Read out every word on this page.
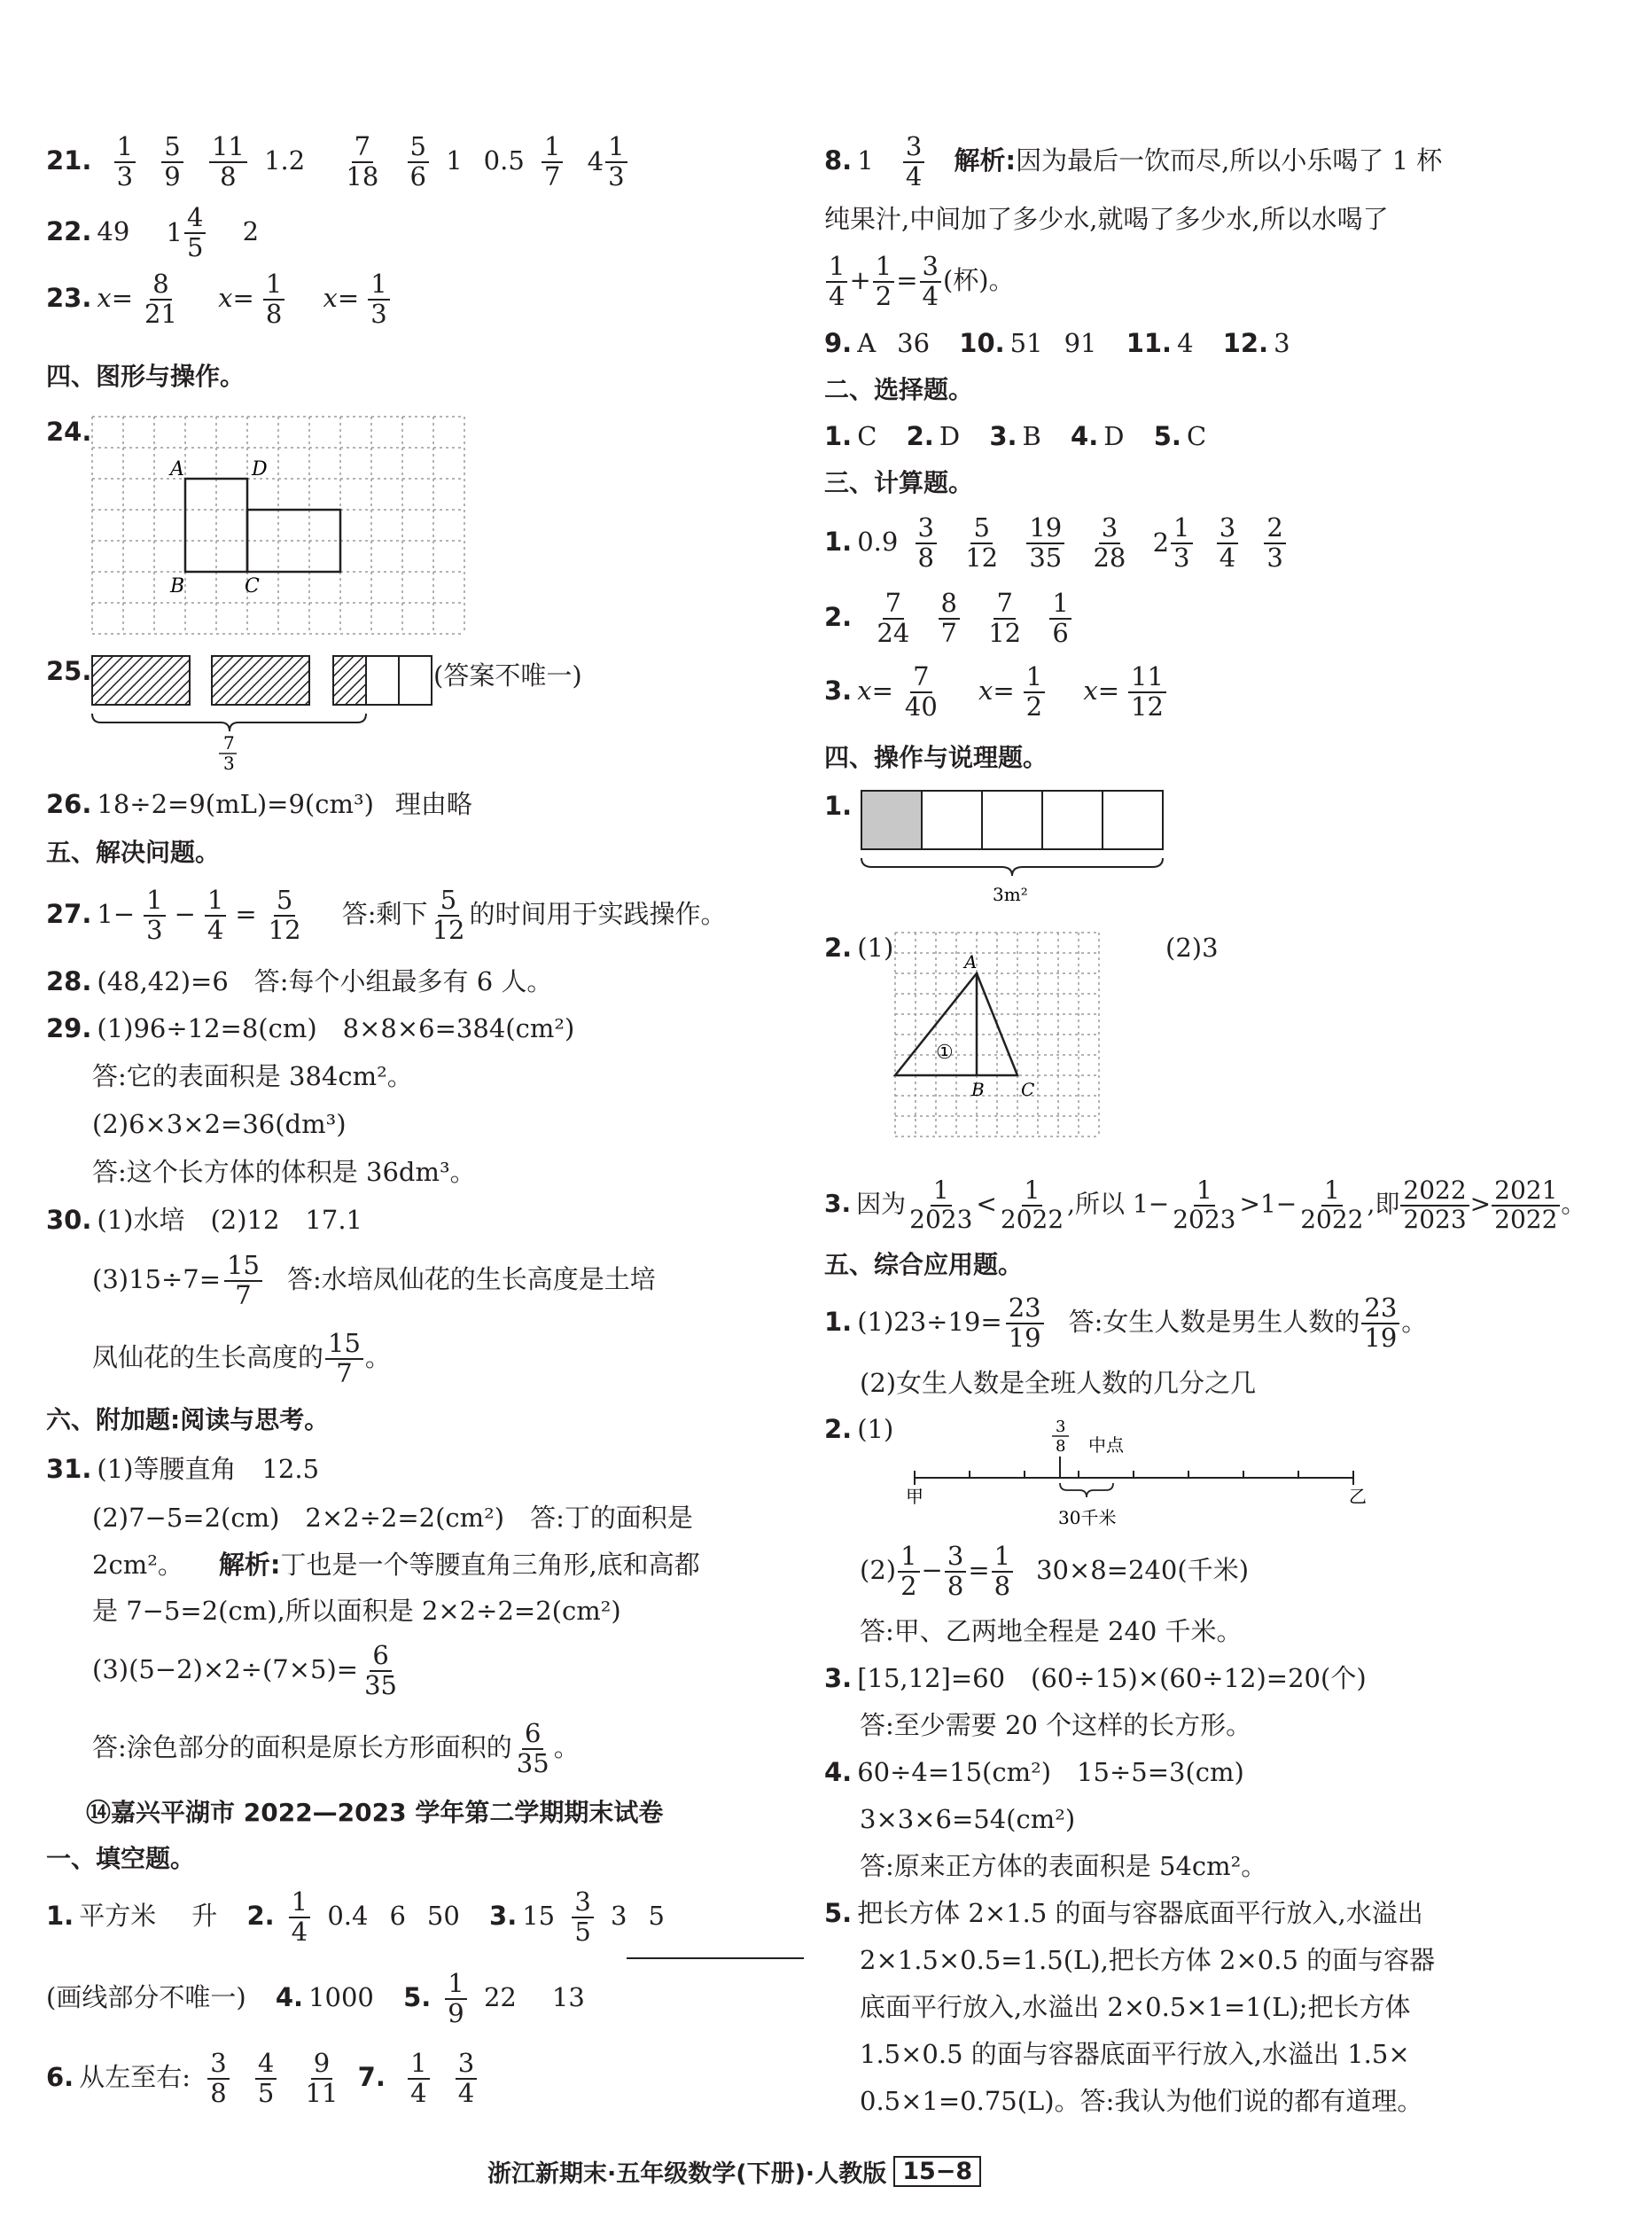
21. $\frac{1}{3}$
$\frac{5}{9}$
$\frac{11}{8} 1.2 \frac{7}{18}$
$\frac{5}{6} 1$ $0.5 \frac{1}{7}$
4
1
3
22. 49 1
4
5
2
23. $x= \frac{8}{21} x= \frac{1}{8} x= \frac{1}{3}$
四、图形与操作。
24.
A	D
B	C
25.
7
3
(答案不唯一)
26. 18÷2=9(mL)=9(cm³) 理由略
五、解决问题。
27. $1- \frac{1}{3} - \frac{1}{4} = \frac{5}{12}$ 答:剩下 $\frac{5}{12}$ 的时间用于实践操作。
28. (48,42)=6　答:每个小组最多有 6 人。
29. (1)96÷12=8(cm)　8×8×6=384(cm²)
答:它的表面积是 384cm²。
(2)6×3×2=36(dm³)
答:这个长方体的体积是 36dm³。
30. (1)水培　(2)12　17.1
$(3)15\div 7= \frac{15}{7}$ 答:水培凤仙花的生长高度是土培
凤仙花的生长高度的 $\frac{15}{7}$ 。
六、附加题:阅读与思考。
31. (1)等腰直角　12.5
(2)7−5=2(cm)　2×2÷2=2(cm²)　答:丁的面积是
2cm²。 解析:丁也是一个等腰直角三角形,底和高都
是 7−5=2(cm),所以面积是 2×2÷2=2(cm²)
$(3)(5-2)\times 2\div(7\times 5)= \frac{6}{35}$
答:涂色部分的面积是原长方形面积的 $\frac{6}{35}$ 。
⑭嘉兴平湖市 2022—2023 学年第二学期期末试卷
一、填空题。
1. 平方米 升 2. $\frac{1}{4} 0.4$ 6 50 3. $15 \frac{3}{5} 3$ 5
(画线部分不唯一) 4. 1000 5. $\frac{1}{9} 22$ 13
6. 从左至右: $\frac{3}{8}$
$\frac{4}{5}$
$\frac{9}{11} 7$. $\frac{1}{4}$
$\frac{3}{4}$
8. $1 \frac{3}{4}$ 解析:因为最后一饮而尽,所以小乐喝了 1 杯
纯果汁,中间加了多少水,就喝了多少水,所以水喝了
$\frac{1}{4} + \frac{1}{2} = \frac{3}{4}$ (杯)。
9. A 36 10. 51 91 11. 4 12. 3
二、选择题。
1. C 2. D 3. B 4. D 5. C
三、计算题。
1. $0.9 \frac{3}{8}$
$\frac{5}{12}$
$\frac{19}{35}$
$\frac{3}{28}$
2
1
3
$\frac{3}{4}$
$\frac{2}{3}$
2. $\frac{7}{24}$
$\frac{8}{7}$
$\frac{7}{12}$
$\frac{1}{6}$
3. $x= \frac{7}{40} x= \frac{1}{2} x= \frac{11}{12}$
四、操作与说理题。
1.
3m²
2. (1)	A
B C
①
(2)3
3. 因为 $\frac{1}{2023} < \frac{1}{2022}$ ,所以 $1- \frac{1}{2023} >1- \frac{1}{2022}$ ,即 $\frac{2022}{2023} > \frac{2021}{2022}$ 。
五、综合应用题。
1. $(1)23\div 19= \frac{23}{19}$ 答:女生人数是男生人数的 $\frac{23}{19}$ 。
(2)女生人数是全班人数的几分之几
2. (1)	3
8 中点
甲	乙
30千米
$(2) \frac{1}{2} - \frac{3}{8} = \frac{1}{8} 30\times 8=240$(千米)
答:甲、乙两地全程是 240 千米。
3. [15,12]=60　(60÷15)×(60÷12)=20(个)
答:至少需要 20 个这样的长方形。
4. 60÷4=15(cm²)　15÷5=3(cm)
3×3×6=54(cm²)
答:原来正方体的表面积是 54cm²。
5. 把长方体 2×1.5 的面与容器底面平行放入,水溢出
2×1.5×0.5=1.5(L),把长方体 2×0.5 的面与容器
底面平行放入,水溢出 2×0.5×1=1(L);把长方体
1.5×0.5 的面与容器底面平行放入,水溢出 1.5×
0.5×1=0.75(L)。答:我认为他们说的都有道理。
浙江新期末·五年级数学(下册)·人教版 15−8
